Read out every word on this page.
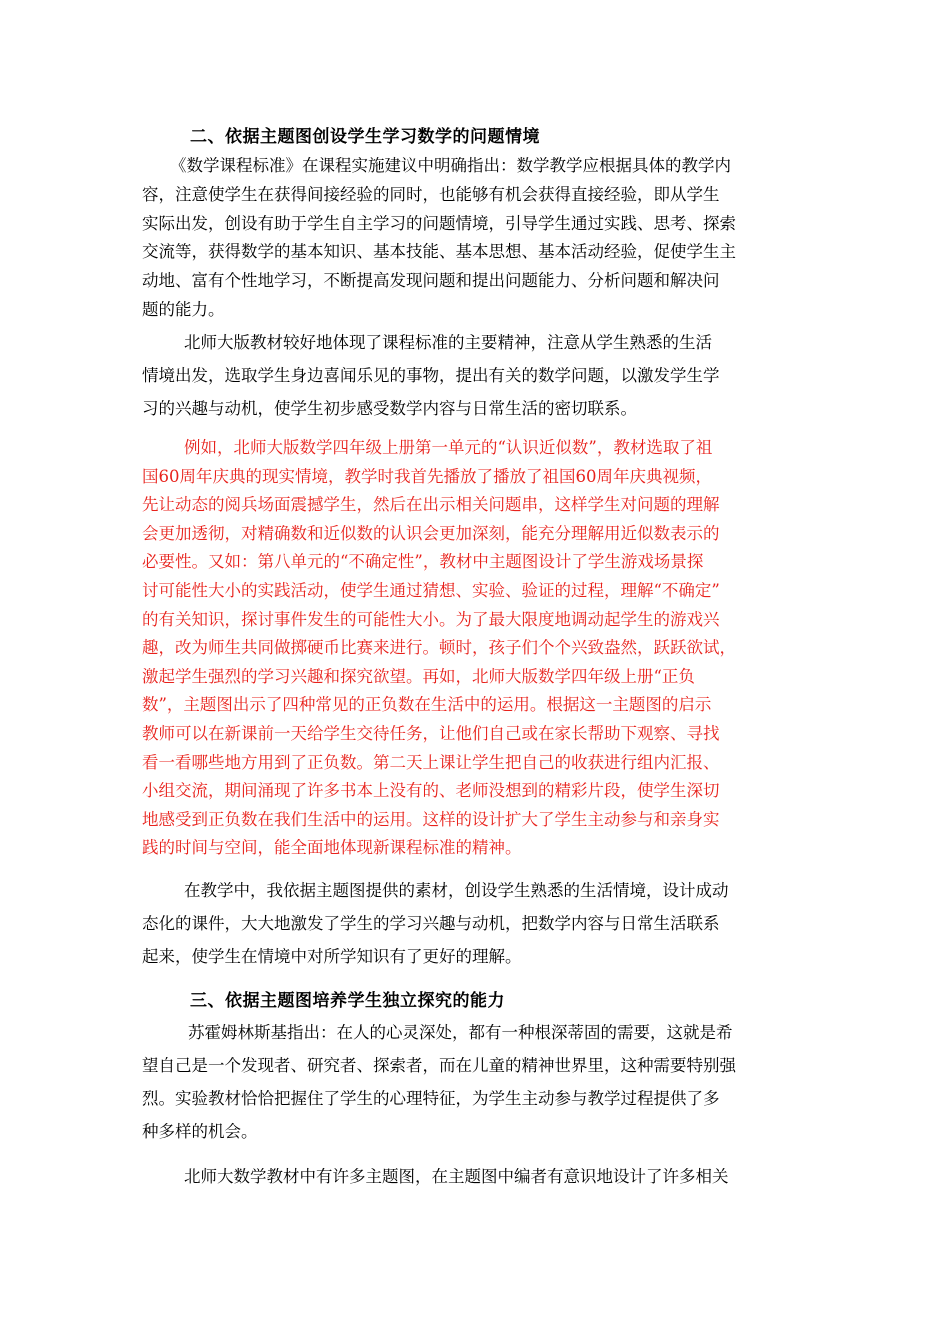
二、依据主题图创设学生学习数学的问题情境
《数学课程标准》在课程实施建议中明确指出：数学教学应根据具体的教学内
容，注意使学生在获得间接经验的同时，也能够有机会获得直接经验，即从学生
实际出发，创设有助于学生自主学习的问题情境，引导学生通过实践、思考、探索
交流等，获得数学的基本知识、基本技能、基本思想、基本活动经验，促使学生主
动地、富有个性地学习，不断提高发现问题和提出问题能力、分析问题和解决问
题的能力。
北师大版教材较好地体现了课程标准的主要精神，注意从学生熟悉的生活
情境出发，选取学生身边喜闻乐见的事物，提出有关的数学问题，以激发学生学
习的兴趣与动机，使学生初步感受数学内容与日常生活的密切联系。
例如，北师大版数学四年级上册第一单元的“认识近似数”，教材选取了祖
国60周年庆典的现实情境，教学时我首先播放了播放了祖国60周年庆典视频，
先让动态的阅兵场面震撼学生，然后在出示相关问题串，这样学生对问题的理解
会更加透彻，对精确数和近似数的认识会更加深刻，能充分理解用近似数表示的
必要性。又如：第八单元的“不确定性”，教材中主题图设计了学生游戏场景探
讨可能性大小的实践活动，使学生通过猜想、实验、验证的过程，理解“不确定”
的有关知识，探讨事件发生的可能性大小。为了最大限度地调动起学生的游戏兴
趣，改为师生共同做掷硬币比赛来进行。顿时，孩子们个个兴致盎然，跃跃欲试，
激起学生强烈的学习兴趣和探究欲望。再如，北师大版数学四年级上册“正负
数”，主题图出示了四种常见的正负数在生活中的运用。根据这一主题图的启示
教师可以在新课前一天给学生交待任务，让他们自己或在家长帮助下观察、寻找
看一看哪些地方用到了正负数。第二天上课让学生把自己的收获进行组内汇报、
小组交流，期间涌现了许多书本上没有的、老师没想到的精彩片段，使学生深切
地感受到正负数在我们生活中的运用。这样的设计扩大了学生主动参与和亲身实
践的时间与空间，能全面地体现新课程标准的精神。
在教学中，我依据主题图提供的素材，创设学生熟悉的生活情境，设计成动
态化的课件，大大地激发了学生的学习兴趣与动机，把数学内容与日常生活联系
起来，使学生在情境中对所学知识有了更好的理解。
三、依据主题图培养学生独立探究的能力
苏霍姆林斯基指出：在人的心灵深处，都有一种根深蒂固的需要，这就是希
望自己是一个发现者、研究者、探索者，而在儿童的精神世界里，这种需要特别强
烈。实验教材恰恰把握住了学生的心理特征，为学生主动参与教学过程提供了多
种多样的机会。
北师大数学教材中有许多主题图，在主题图中编者有意识地设计了许多相关
